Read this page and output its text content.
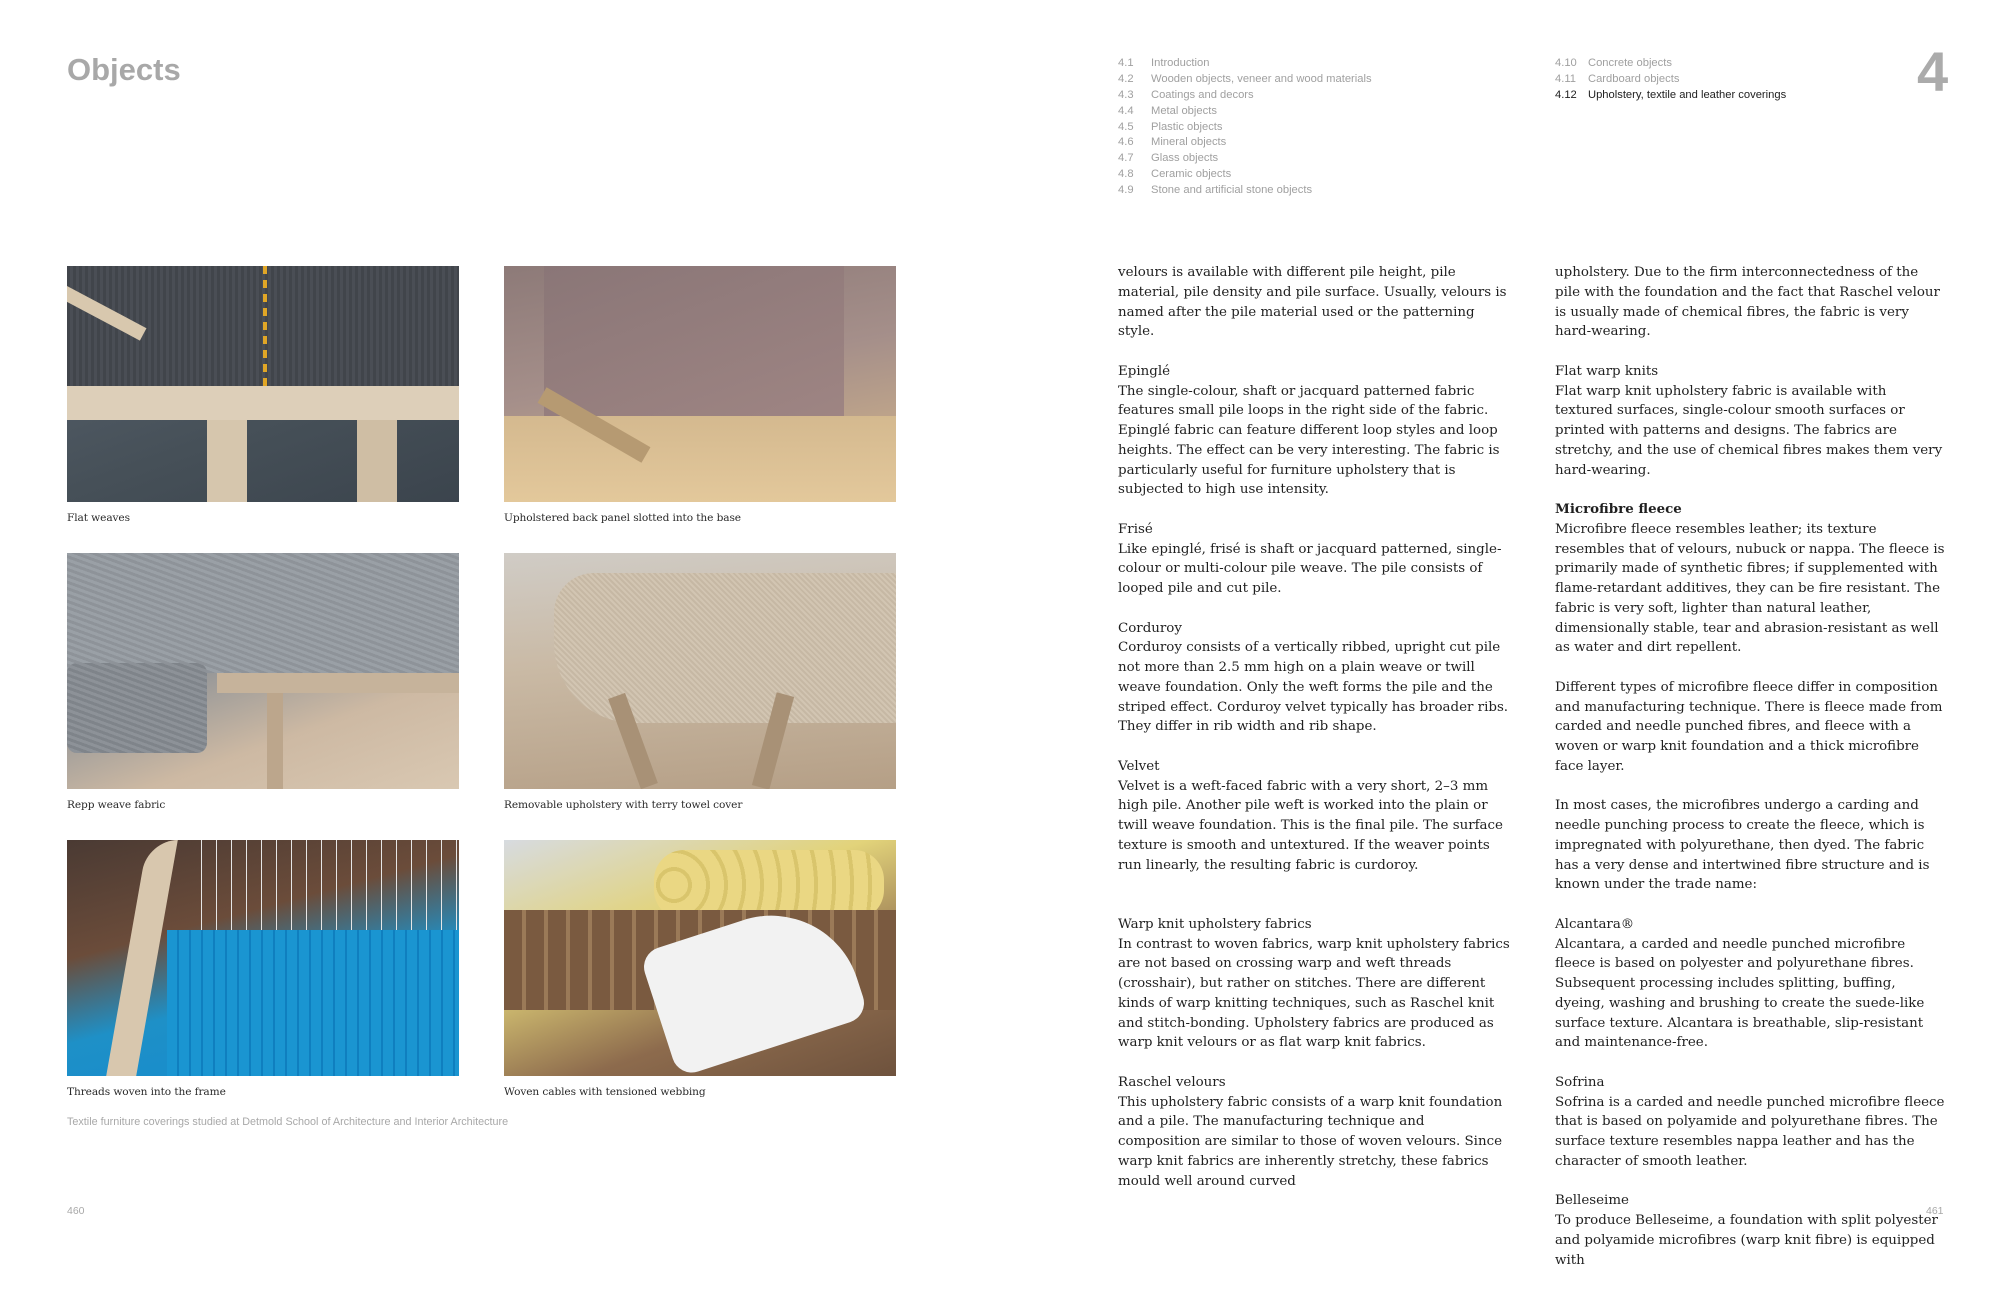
Objects	4.1 Introduction
4.2 Wooden objects, veneer and wood materials
4.3 Coatings and decors
4.4 Metal objects
4.5 Plastic objects
4.6 Mineral objects
4.7 Glass objects
4.8 Ceramic objects
4.9 Stone and artificial stone objects
4.10 Concrete objects
4.11 Cardboard objects
4.12 Upholstery, textile and leather coverings 4
Flat weaves	Upholstered back panel slotted into the base
Repp weave fabric	Removable upholstery with terry towel cover
Threads woven into the frame	Woven cables with tensioned webbing
Textile furniture coverings studied at Detmold School of Architecture and Interior Architecture

velours is available with different pile height, pile material, pile density and pile surface. Usually, velours is named after the pile material used or the patterning style.

Epinglé
The single-colour, shaft or jacquard patterned fabric features small pile loops in the right side of the fabric. Epinglé fabric can feature different loop styles and loop heights. The effect can be very interesting. The fabric is particularly useful for furniture upholstery that is subjected to high use intensity.

Frisé
Like epinglé, frisé is shaft or jacquard patterned, single-colour or multi-colour pile weave. The pile consists of looped pile and cut pile.

Corduroy
Corduroy consists of a vertically ribbed, upright cut pile not more than 2.5 mm high on a plain weave or twill weave foundation. Only the weft forms the pile and the striped effect. Corduroy velvet typically has broader ribs. They differ in rib width and rib shape.

Velvet
Velvet is a weft-faced fabric with a very short, 2–3 mm high pile. Another pile weft is worked into the plain or twill weave foundation. This is the final pile. The surface texture is smooth and untextured. If the weaver points run linearly, the resulting fabric is curdoroy.

Warp knit upholstery fabrics
In contrast to woven fabrics, warp knit upholstery fabrics are not based on crossing warp and weft threads (crosshair), but rather on stitches. There are different kinds of warp knitting techniques, such as Raschel knit and stitch-bonding. Upholstery fabrics are produced as warp knit velours or as flat warp knit fabrics.

Raschel velours
This upholstery fabric consists of a warp knit foundation and a pile. The manufacturing technique and composition are similar to those of woven velours. Since warp knit fabrics are inherently stretchy, these fabrics mould well around curved

upholstery. Due to the firm interconnectedness of the pile with the foundation and the fact that Raschel velour is usually made of chemical fibres, the fabric is very hard-wearing.

Flat warp knits
Flat warp knit upholstery fabric is available with textured surfaces, single-colour smooth surfaces or printed with patterns and designs. The fabrics are stretchy, and the use of chemical fibres makes them very hard-wearing.

Microfibre fleece
Microfibre fleece resembles leather; its texture resembles that of velours, nubuck or nappa. The fleece is primarily made of synthetic fibres; if supplemented with flame-retardant additives, they can be fire resistant. The fabric is very soft, lighter than natural leather, dimensionally stable, tear and abrasion-resistant as well as water and dirt repellent.

Different types of microfibre fleece differ in composition and manufacturing technique. There is fleece made from carded and needle punched fibres, and fleece with a woven or warp knit foundation and a thick microfibre face layer.

In most cases, the microfibres undergo a carding and needle punching process to create the fleece, which is impregnated with polyurethane, then dyed. The fabric has a very dense and intertwined fibre structure and is known under the trade name:

Alcantara®
Alcantara, a carded and needle punched microfibre fleece is based on polyester and polyurethane fibres. Subsequent processing includes splitting, buffing, dyeing, washing and brushing to create the suede-like surface texture. Alcantara is breathable, slip-resistant and maintenance-free.

Sofrina
Sofrina is a carded and needle punched microfibre fleece that is based on polyamide and polyurethane fibres. The surface texture resembles nappa leather and has the character of smooth leather.

Belleseime
To produce Belleseime, a foundation with split polyester and polyamide microfibres (warp knit fibre) is equipped with

460	461
